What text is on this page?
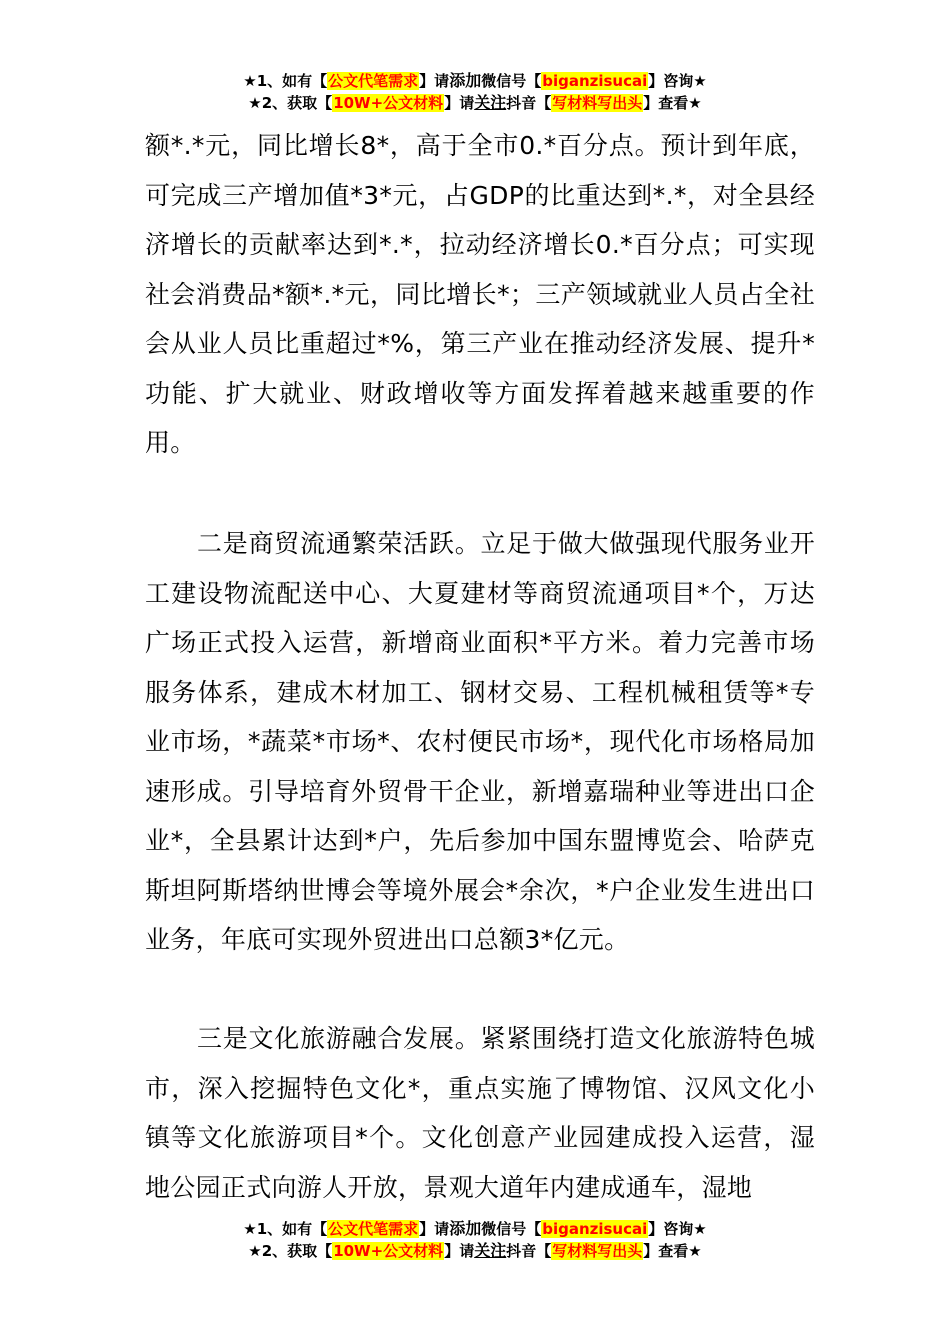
★1、如有【公文代笔需求】请添加微信号【biganzisucai】咨询★
★2、获取【10W+公文材料】请关注抖音【写材料写出头】查看★

额*.*元，同比增长8*，高于全市0.*百分点。预计到年底，可完成三产增加值*3*元，占GDP的比重达到*.*，对全县经济增长的贡献率达到*.*，拉动经济增长0.*百分点；可实现社会消费品*额*.*元，同比增长*；三产领域就业人员占全社会从业人员比重超过*%，第三产业在推动经济发展、提升*功能、扩大就业、财政增收等方面发挥着越来越重要的作用。

二是商贸流通繁荣活跃。立足于做大做强现代服务业开工建设物流配送中心、大夏建材等商贸流通项目*个，万达广场正式投入运营，新增商业面积*平方米。着力完善市场服务体系，建成木材加工、钢材交易、工程机械租赁等*专业市场，*蔬菜*市场*、农村便民市场*，现代化市场格局加速形成。引导培育外贸骨干企业，新增嘉瑞种业等进出口企业*，全县累计达到*户，先后参加中国东盟博览会、哈萨克斯坦阿斯塔纳世博会等境外展会*余次，*户企业发生进出口业务，年底可实现外贸进出口总额3*亿元。

三是文化旅游融合发展。紧紧围绕打造文化旅游特色城市，深入挖掘特色文化*，重点实施了博物馆、汉风文化小镇等文化旅游项目*个。文化创意产业园建成投入运营，湿地公园正式向游人开放，景观大道年内建成通车，湿地

★1、如有【公文代笔需求】请添加微信号【biganzisucai】咨询★
★2、获取【10W+公文材料】请关注抖音【写材料写出头】查看★
